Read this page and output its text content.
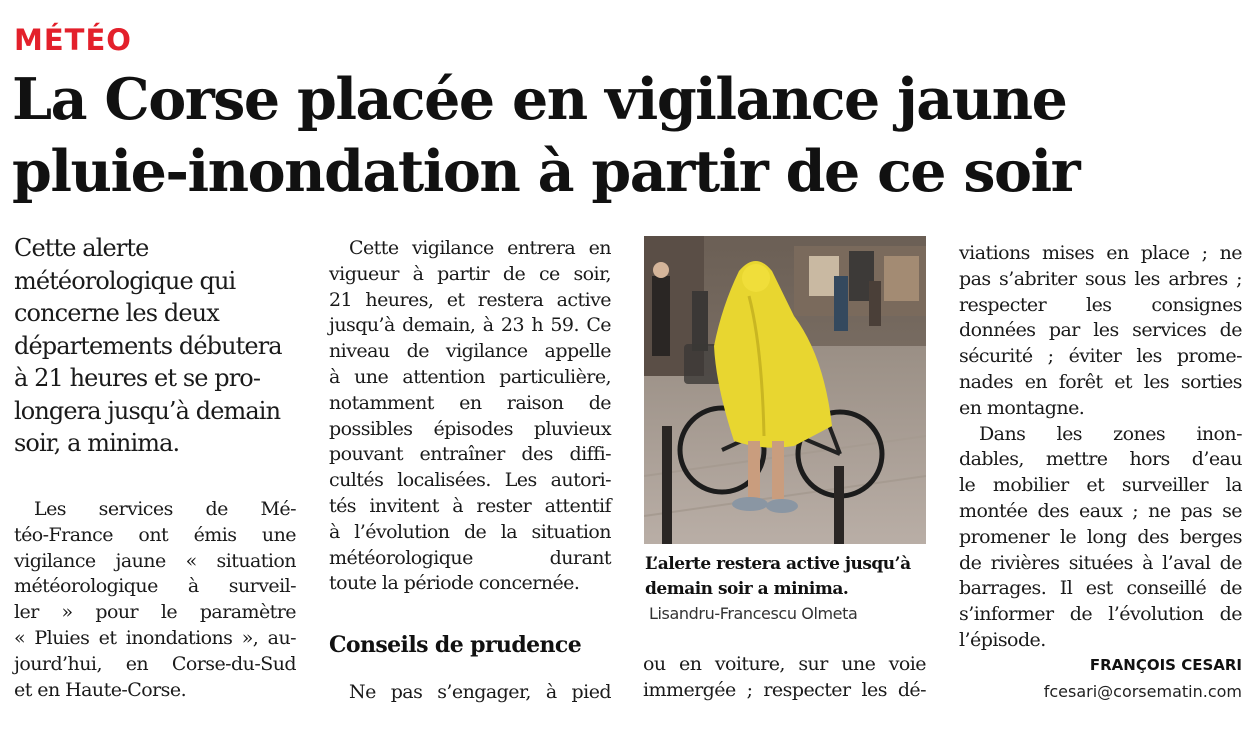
MÉTÉO
La Corse placée en vigilance jaune
pluie-inondation à partir de ce soir
Cette alerte
météorologique qui
concerne les deux
départements débutera
à 21 heures et se pro-
longera jusqu’à demain
soir, a minima.
Les services de Mé-
téo-France ont émis une
vigilance jaune « situation
météorologique à surveil-
ler » pour le paramètre
« Pluies et inondations », au-
jourd’hui, en Corse-du-Sud
et en Haute-Corse.
Cette vigilance entrera en
vigueur à partir de ce soir,
21 heures, et restera active
jusqu’à demain, à 23 h 59. Ce
niveau de vigilance appelle
à une attention particulière,
notamment en raison de
possibles épisodes pluvieux
pouvant entraîner des diffi-
cultés localisées. Les autori-
tés invitent à rester attentif
à l’évolution de la situation
météorologique durant
toute la période concernée.
Conseils de prudence
Ne pas s’engager, à pied
L’alerte restera active jusqu’à
demain soir a minima.
Lisandru-Francescu Olmeta
ou en voiture, sur une voie
immergée ; respecter les dé-
viations mises en place ; ne
pas s’abriter sous les arbres ;
respecter les consignes
données par les services de
sécurité ; éviter les prome-
nades en forêt et les sorties
en montagne.
Dans les zones inon-
dables, mettre hors d’eau
le mobilier et surveiller la
montée des eaux ; ne pas se
promener le long des berges
de rivières situées à l’aval de
barrages. Il est conseillé de
s’informer de l’évolution de
l’épisode.
FRANÇOIS CESARI
fcesari@corsematin.com
